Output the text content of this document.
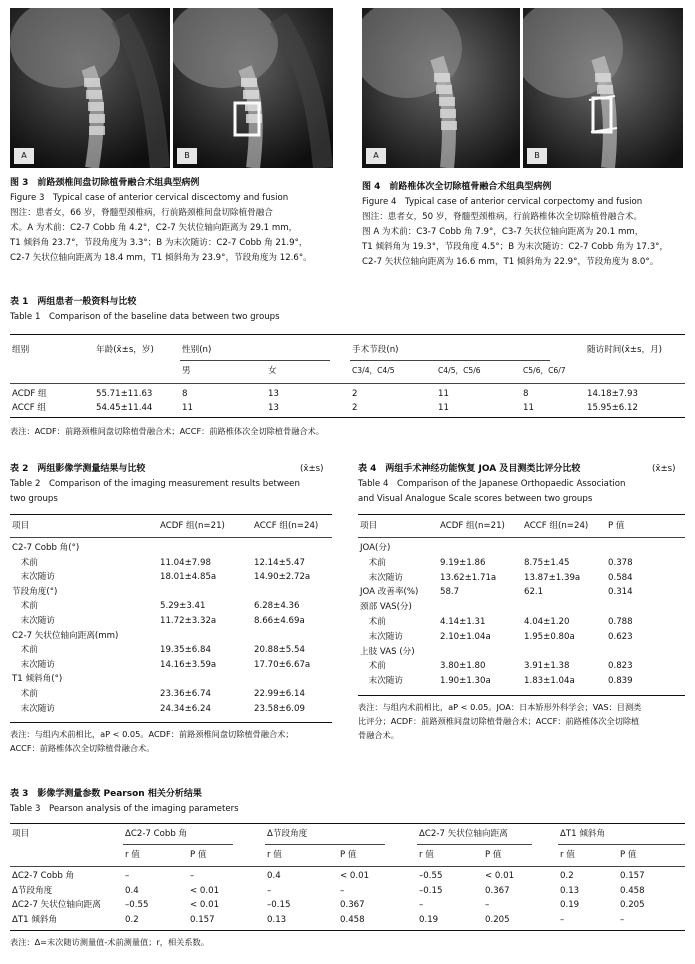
A	B
图 3　前路颈椎间盘切除植骨融合术组典型病例
Figure 3　Typical case of anterior cervical discectomy and fusion
图注：患者女，66 岁，脊髓型颈椎病，行前路颈椎间盘切除植骨融合
术。A 为术前：C2-7 Cobb 角 4.2°，C2-7 矢状位轴向距离为 29.1 mm，
T1 倾斜角 23.7°，节段角度为 3.3°；B 为末次随访：C2-7 Cobb 角 21.9°，
C2-7 矢状位轴向距离为 18.4 mm，T1 倾斜角为 23.9°，节段角度为 12.6°。
A	B
图 4　前路椎体次全切除植骨融合术组典型病例
Figure 4　Typical case of anterior cervical corpectomy and fusion
图注：患者女，50 岁，脊髓型颈椎病，行前路椎体次全切除植骨融合术。
图 A 为术前：C3-7 Cobb 角 7.9°，C3-7 矢状位轴向距离为 20.1 mm，
T1 倾斜角为 19.3°，节段角度 4.5°；B 为末次随访：C2-7 Cobb 角为 17.3°，
C2-7 矢状位轴向距离为 16.6 mm，T1 倾斜角为 22.9°，节段角度为 8.0°。
表 1　两组患者一般资料与比较
Table 1　Comparison of the baseline data between two groups
组别	年龄(x̄±s，岁)	性别(n)	手术节段(n)	随访时间(x̄±s，月)
男	女	C3/4，C4/5	C4/5，C5/6	C5/6，C6/7
ACDF 组	55.71±11.63	8	13	2	11	8	14.18±7.93
ACCF 组	54.45±11.44	11	13	2	11	11	15.95±6.12
表注：ACDF：前路颈椎间盘切除植骨融合术；ACCF：前路椎体次全切除植骨融合术。
表 2　两组影像学测量结果与比较	(x̄±s)
Table 2　Comparison of the imaging measurement results between
two groups
项目	ACDF 组(n=21)	ACCF 组(n=24)
C2-7 Cobb 角(°)
　术前	11.04±7.98	12.14±5.47
　末次随访	18.01±4.85a	14.90±2.72a
节段角度(°)
　术前	5.29±3.41	6.28±4.36
　末次随访	11.72±3.32a	8.66±4.69a
C2-7 矢状位轴向距离(mm)
　术前	19.35±6.84	20.88±5.54
　末次随访	14.16±3.59a	17.70±6.67a
T1 倾斜角(°)
　术前	23.36±6.74	22.99±6.14
　末次随访	24.34±6.24	23.58±6.09
表注：与组内术前相比，aP < 0.05。ACDF：前路颈椎间盘切除植骨融合术；
ACCF：前路椎体次全切除植骨融合术。
表 4　两组手术神经功能恢复 JOA 及目测类比评分比较	(x̄±s)
Table 4　Comparison of the Japanese Orthopaedic Association
and Visual Analogue Scale scores between two groups
项目	ACDF 组(n=21) ACCF 组(n=24) P 值
JOA(分)
　术前	9.19±1.86	8.75±1.45	0.378
　末次随访	13.62±1.71a	13.87±1.39a	0.584
JOA 改善率(%)	58.7	62.1	0.314
颈部 VAS(分)
　术前	4.14±1.31	4.04±1.20	0.788
　末次随访	2.10±1.04a	1.95±0.80a	0.623
上肢 VAS (分)
　术前	3.80±1.80	3.91±1.38	0.823
　末次随访	1.90±1.30a	1.83±1.04a	0.839
表注：与组内术前相比，aP < 0.05。JOA：日本矫形外科学会；VAS：目测类
比评分；ACDF：前路颈椎间盘切除植骨融合术；ACCF：前路椎体次全切除植
骨融合术。
表 3　影像学测量参数 Pearson 相关分析结果
Table 3　Pearson analysis of the imaging parameters
项目	ΔC2-7 Cobb 角	Δ节段角度	ΔC2-7 矢状位轴向距离	ΔT1 倾斜角
r 值	P 值	r 值	P 值	r 值	P 值	r 值	P 值
ΔC2-7 Cobb 角	–	–	0.4	< 0.01	–0.55	< 0.01	0.2	0.157
Δ节段角度	0.4	< 0.01	–	–	–0.15	0.367	0.13	0.458
ΔC2-7 矢状位轴向距离	–0.55	< 0.01	–0.15	0.367	–	–	0.19	0.205
ΔT1 倾斜角	0.2	0.157	0.13	0.458	0.19	0.205	–	–
表注：Δ=末次随访测量值-术前测量值；r，相关系数。
